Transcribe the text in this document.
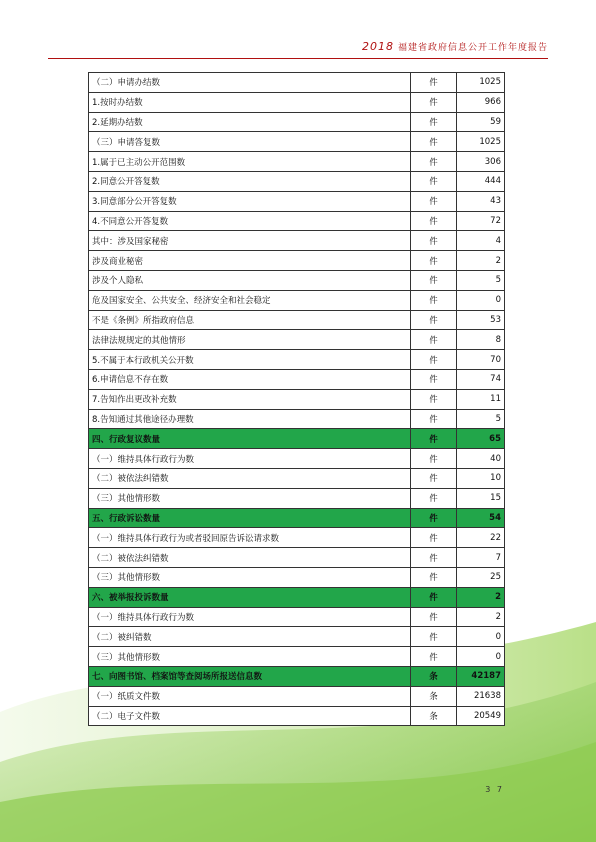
2018 福建省政府信息公开工作年度报告
（二）申请办结数	件	1025
1.按时办结数	件	966
2.延期办结数	件	59
（三）申请答复数	件	1025
1.属于已主动公开范围数	件	306
2.同意公开答复数	件	444
3.同意部分公开答复数	件	43
4.不同意公开答复数	件	72
其中：涉及国家秘密	件	4
涉及商业秘密	件	2
涉及个人隐私	件	5
危及国家安全、公共安全、经济安全和社会稳定	件	0
不是《条例》所指政府信息	件	53
法律法规规定的其他情形	件	8
5.不属于本行政机关公开数	件	70
6.申请信息不存在数	件	74
7.告知作出更改补充数	件	11
8.告知通过其他途径办理数	件	5
四、行政复议数量	件	65
（一）维持具体行政行为数	件	40
（二）被依法纠错数	件	10
（三）其他情形数	件	15
五、行政诉讼数量	件	54
（一）维持具体行政行为或者驳回原告诉讼请求数	件	22
（二）被依法纠错数	件	7
（三）其他情形数	件	25
六、被举报投诉数量	件	2
（一）维持具体行政行为数	件	2
（二）被纠错数	件	0
（三）其他情形数	件	0
七、向图书馆、档案馆等查阅场所报送信息数	条	42187
（一）纸质文件数	条	21638
（二）电子文件数	条	20549
3 7
